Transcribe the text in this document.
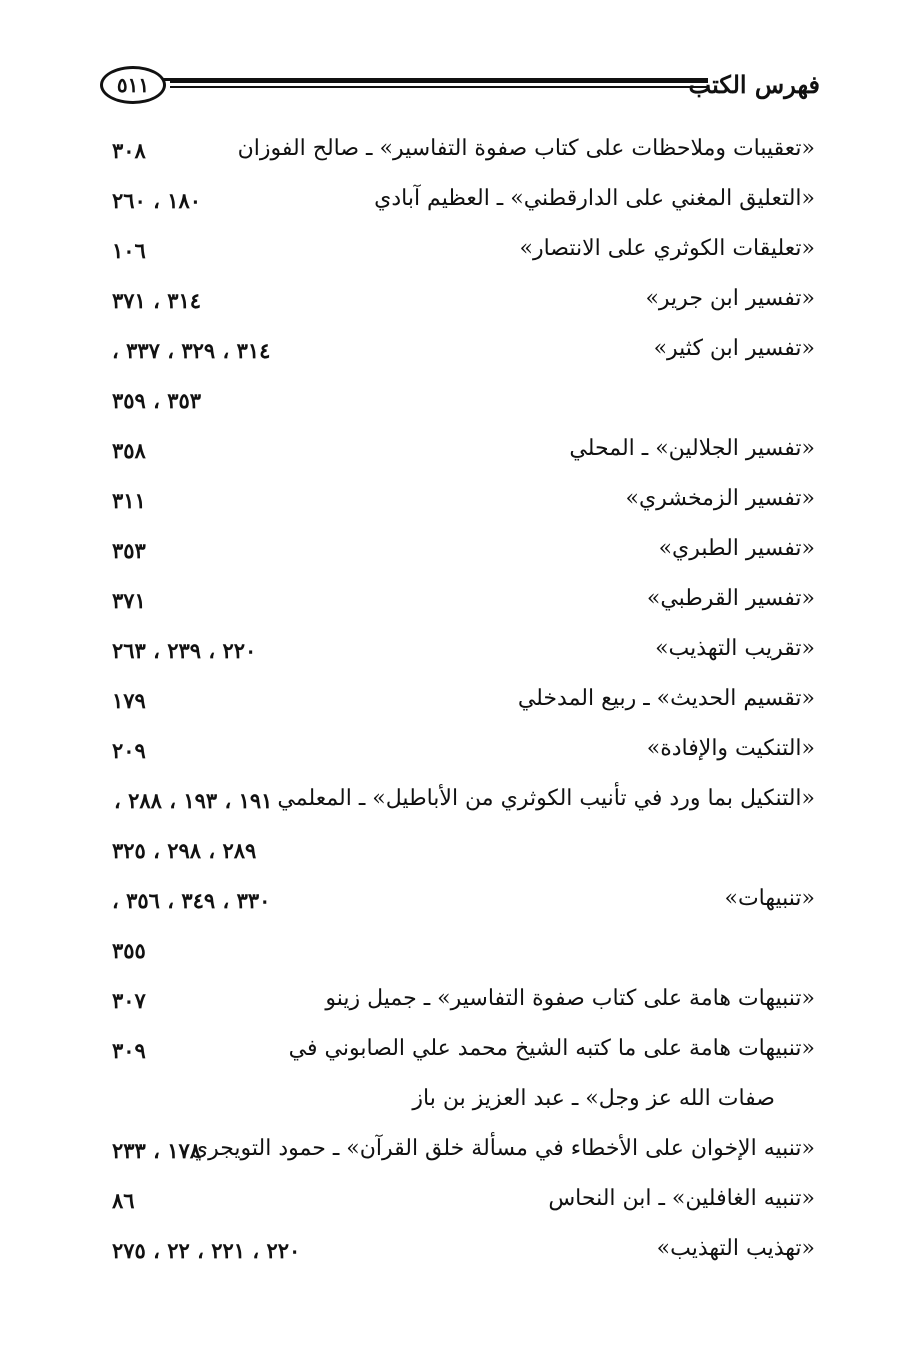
٥١١	فهرس الكتب
«تعقيبات وملاحظات على كتاب صفوة التفاسير» ـ صالح الفوزان
٣٠٨
«التعليق المغني على الدارقطني» ـ العظيم آبادي
١٨٠ ، ٢٦٠
«تعليقات الكوثري على الانتصار»
١٠٦
«تفسير ابن جرير»
٣١٤ ، ٣٧١
«تفسير ابن كثير»
٣١٤ ، ٣٢٩ ، ٣٣٧ ،
٣٥٣ ، ٣٥٩
«تفسير الجلالين» ـ المحلي
٣٥٨
«تفسير الزمخشري»
٣١١
«تفسير الطبري»
٣٥٣
«تفسير القرطبي»
٣٧١
«تقريب التهذيب»
٢٢٠ ، ٢٣٩ ، ٢٦٣
«تقسيم الحديث» ـ ربيع المدخلي
١٧٩
«التنكيت والإفادة»
٢٠٩
«التنكيل بما ورد في تأنيب الكوثري من الأباطيل» ـ المعلمي
١٩١ ، ١٩٣ ، ٢٨٨ ،
٢٨٩ ، ٢٩٨ ، ٣٢٥
«تنبيهات»
٣٣٠ ، ٣٤٩ ، ٣٥٦ ،
٣٥٥
«تنبيهات هامة على كتاب صفوة التفاسير» ـ جميل زينو
٣٠٧
«تنبيهات هامة على ما كتبه الشيخ محمد علي الصابوني في
٣٠٩
صفات الله عز وجل» ـ عبد العزيز بن باز
«تنبيه الإخوان على الأخطاء في مسألة خلق القرآن» ـ حمود التويجري
١٧٨ ، ٢٣٣
«تنبيه الغافلين» ـ ابن النحاس
٨٦
«تهذيب التهذيب»
٢٢٠ ، ٢٢١ ، ٢٢ ، ٢٧٥
